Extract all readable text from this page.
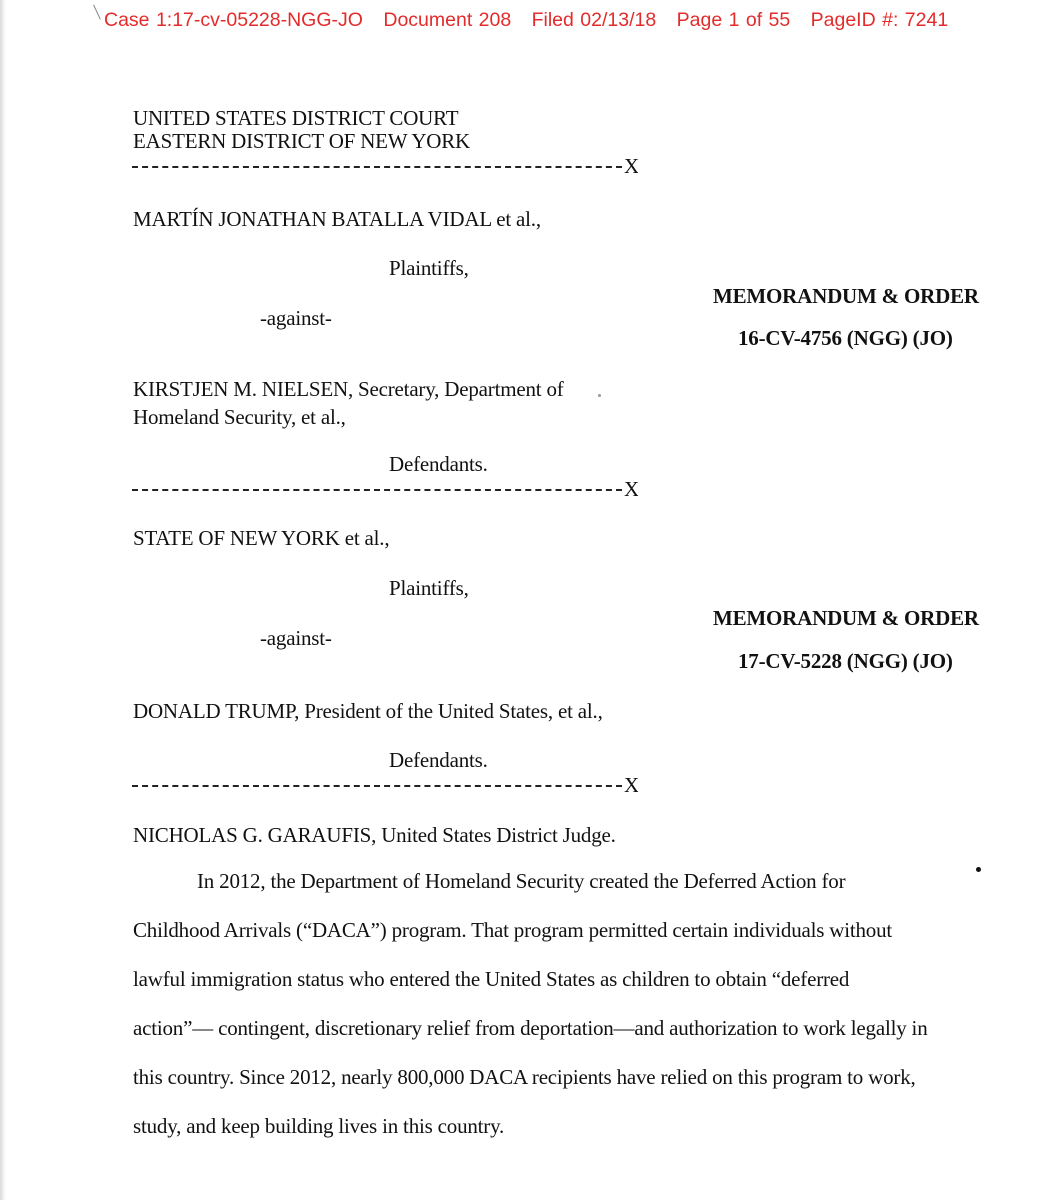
Case 1:17-cv-05228-NGG-JO Document 208 Filed 02/13/18 Page 1 of 55 PageID #: 7241
UNITED STATES DISTRICT COURT
EASTERN DISTRICT OF NEW YORK
X
MARTÍN JONATHAN BATALLA VIDAL et al.,
Plaintiffs,
-against-
MEMORANDUM & ORDER
16-CV-4756 (NGG) (JO)
KIRSTJEN M. NIELSEN, Secretary, Department of
Homeland Security, et al.,
Defendants.
X
STATE OF NEW YORK et al.,
Plaintiffs,
-against-
MEMORANDUM & ORDER
17-CV-5228 (NGG) (JO)
DONALD TRUMP, President of the United States, et al.,
Defendants.
X
NICHOLAS G. GARAUFIS, United States District Judge.
In 2012, the Department of Homeland Security created the Deferred Action for
Childhood Arrivals (“DACA”) program. That program permitted certain individuals without
lawful immigration status who entered the United States as children to obtain “deferred
action”— contingent, discretionary relief from deportation—and authorization to work legally in
this country. Since 2012, nearly 800,000 DACA recipients have relied on this program to work,
study, and keep building lives in this country.
